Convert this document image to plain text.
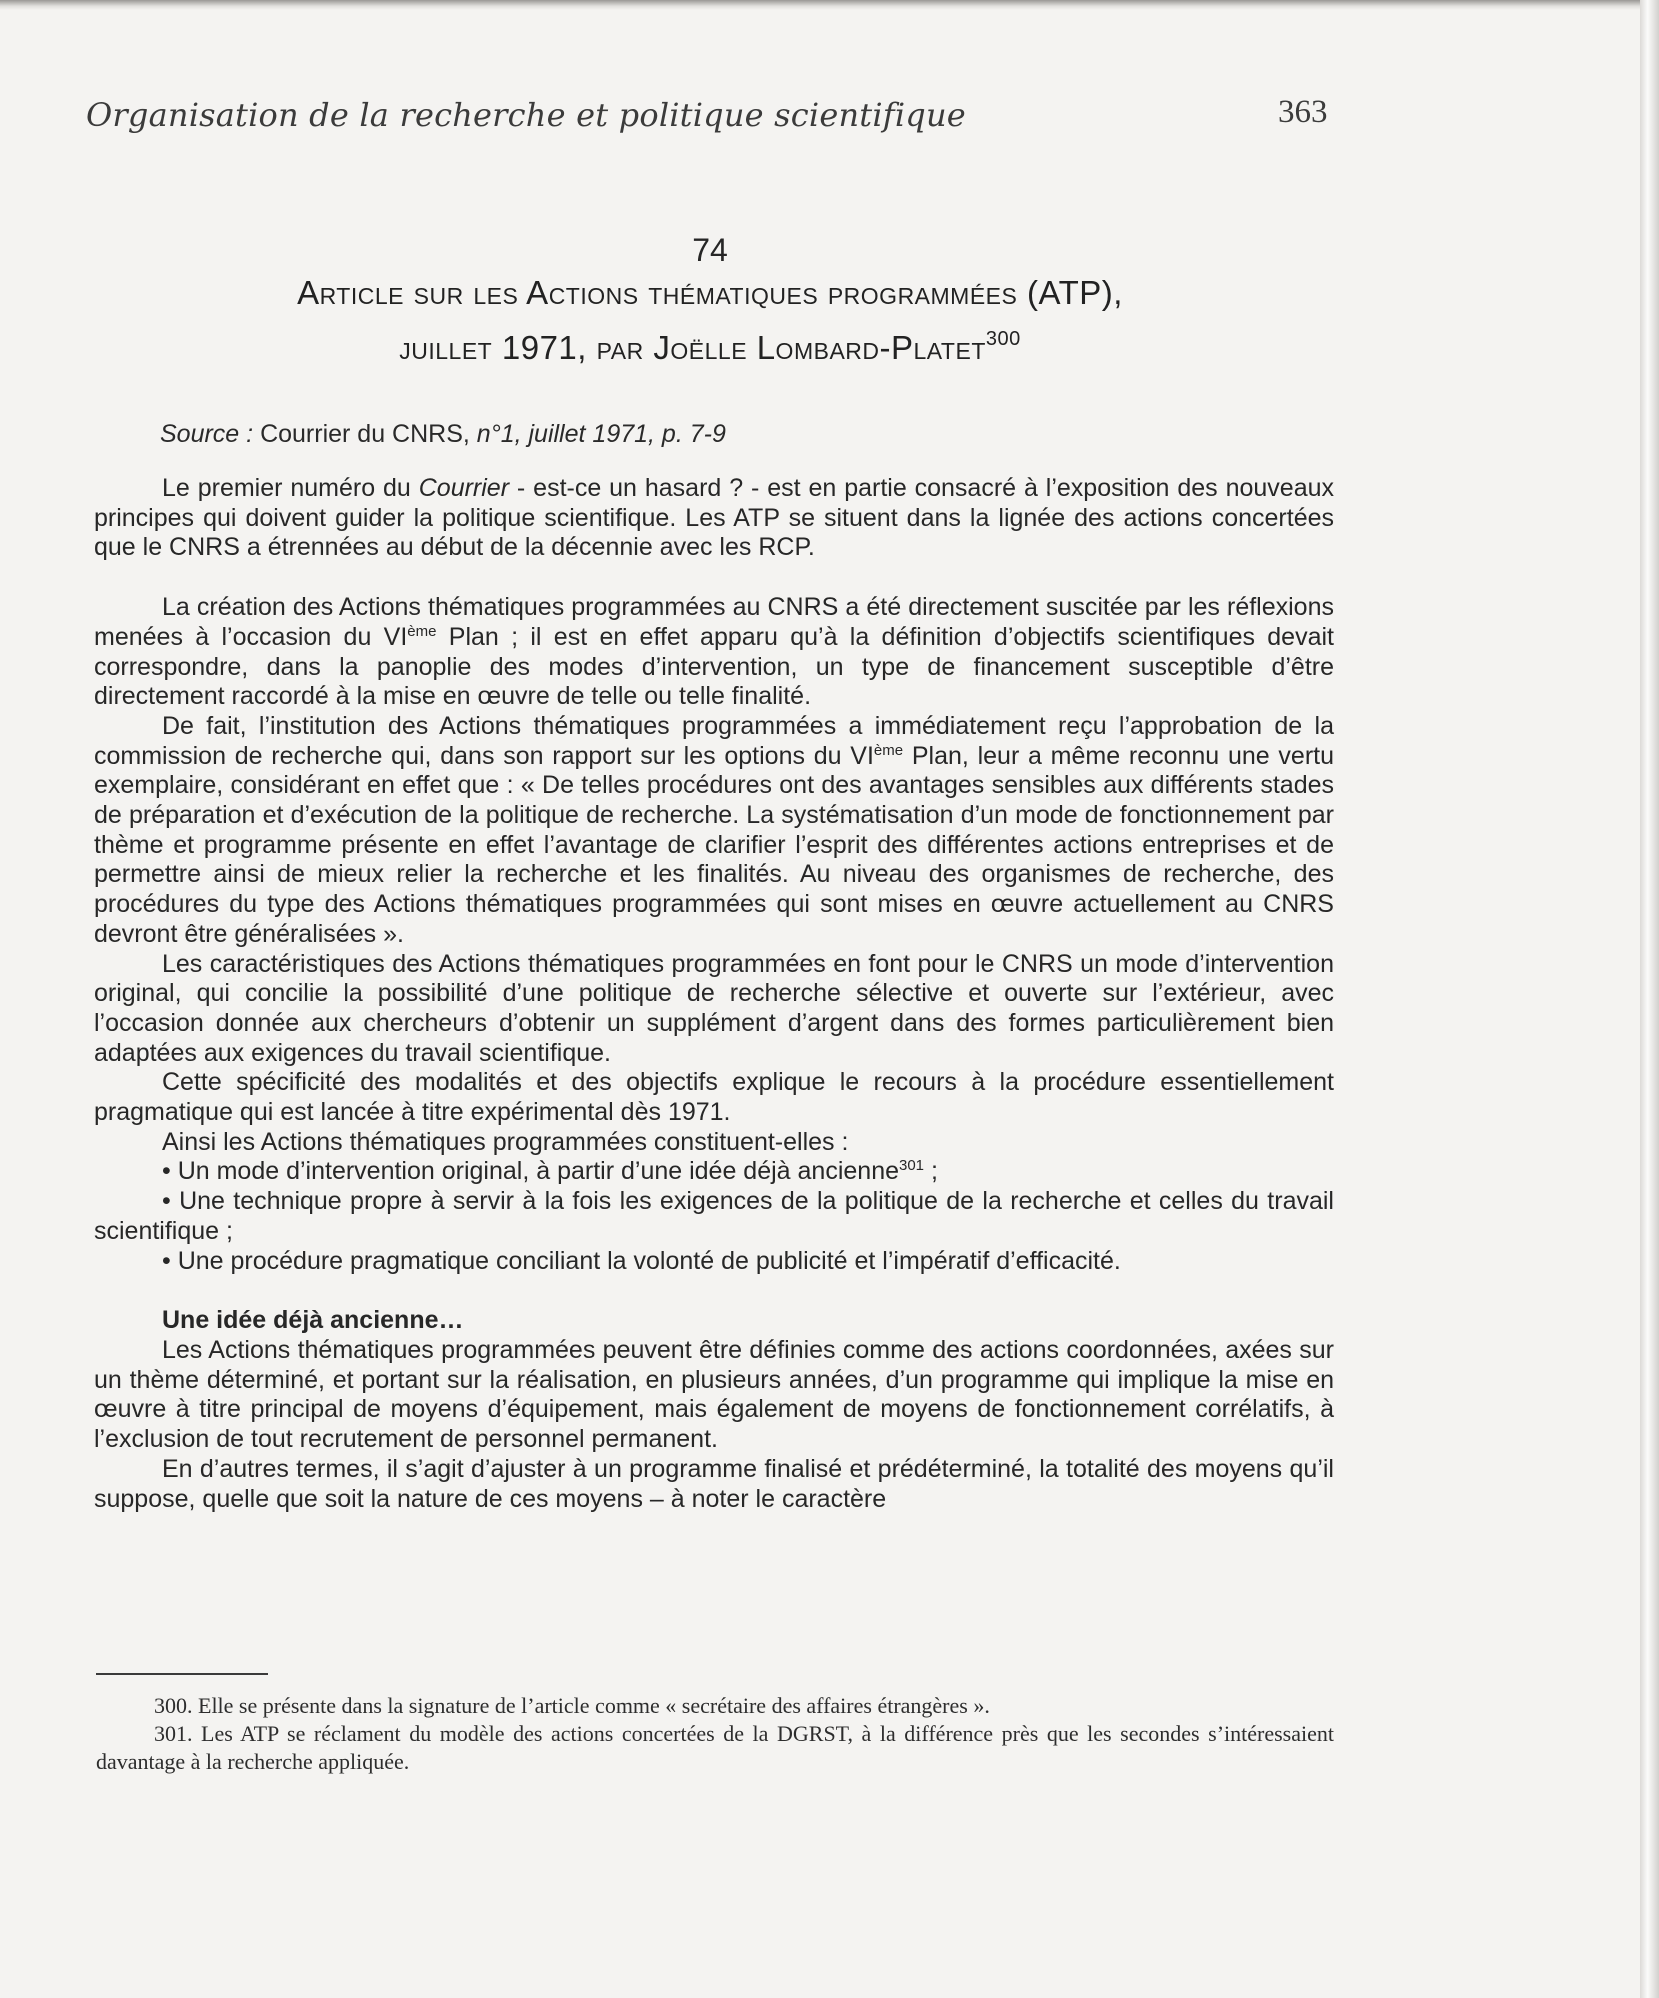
Organisation de la recherche et politique scientifique	363
74
Article sur les Actions thématiques programmées (ATP),
juillet 1971, par Joëlle Lombard-Platet$^{300}$
Source : Courrier du CNRS, n°1, juillet 1971, p. 7-9

Le premier numéro du Courrier - est-ce un hasard ? - est en partie consacré à l’exposition des nouveaux principes qui doivent guider la politique scientifique. Les ATP se situent dans la lignée des actions concertées que le CNRS a étrennées au début de la décennie avec les RCP.

La création des Actions thématiques programmées au CNRS a été directement suscitée par les réflexions menées à l’occasion du VIème Plan ; il est en effet apparu qu’à la définition d’objectifs scientifiques devait correspondre, dans la panoplie des modes d’intervention, un type de financement susceptible d’être directement raccordé à la mise en œuvre de telle ou telle finalité.

De fait, l’institution des Actions thématiques programmées a immédiatement reçu l’approbation de la commission de recherche qui, dans son rapport sur les options du VIème Plan, leur a même reconnu une vertu exemplaire, considérant en effet que : « De telles procédures ont des avantages sensibles aux différents stades de préparation et d’exécution de la politique de recherche. La systématisation d’un mode de fonctionnement par thème et programme présente en effet l’avantage de clarifier l’esprit des différentes actions entreprises et de permettre ainsi de mieux relier la recherche et les finalités. Au niveau des organismes de recherche, des procédures du type des Actions thématiques programmées qui sont mises en œuvre actuellement au CNRS devront être généralisées ».

Les caractéristiques des Actions thématiques programmées en font pour le CNRS un mode d’intervention original, qui concilie la possibilité d’une politique de recherche sélective et ouverte sur l’extérieur, avec l’occasion donnée aux chercheurs d’obtenir un supplément d’argent dans des formes particulièrement bien adaptées aux exigences du travail scientifique.

Cette spécificité des modalités et des objectifs explique le recours à la procédure essentiellement pragmatique qui est lancée à titre expérimental dès 1971.

Ainsi les Actions thématiques programmées constituent-elles :

• Un mode d’intervention original, à partir d’une idée déjà ancienne$^{301}$ ;

• Une technique propre à servir à la fois les exigences de la politique de la recherche et celles du travail scientifique ;

• Une procédure pragmatique conciliant la volonté de publicité et l’impératif d’efficacité.

Une idée déjà ancienne…

Les Actions thématiques programmées peuvent être définies comme des actions coordonnées, axées sur un thème déterminé, et portant sur la réalisation, en plusieurs années, d’un programme qui implique la mise en œuvre à titre principal de moyens d’équipement, mais également de moyens de fonctionnement corrélatifs, à l’exclusion de tout recrutement de personnel permanent.

En d’autres termes, il s’agit d’ajuster à un programme finalisé et prédéterminé, la totalité des moyens qu’il suppose, quelle que soit la nature de ces moyens – à noter le caractère

300. Elle se présente dans la signature de l’article comme « secrétaire des affaires étrangères ».

301. Les ATP se réclament du modèle des actions concertées de la DGRST, à la différence près que les secondes s’intéressaient davantage à la recherche appliquée.
